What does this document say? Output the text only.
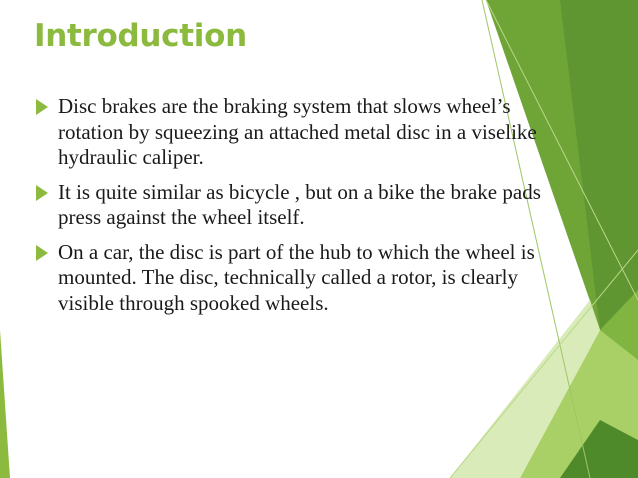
Introduction
Disc brakes are the braking system that slows wheel’s rotation by squeezing an attached metal disc in a viselike hydraulic caliper.
It is quite similar as bicycle , but on a bike the brake pads press against the wheel itself.
On a car, the disc is part of the hub to which the wheel is mounted. The disc, technically called a rotor, is clearly visible through spooked wheels.
